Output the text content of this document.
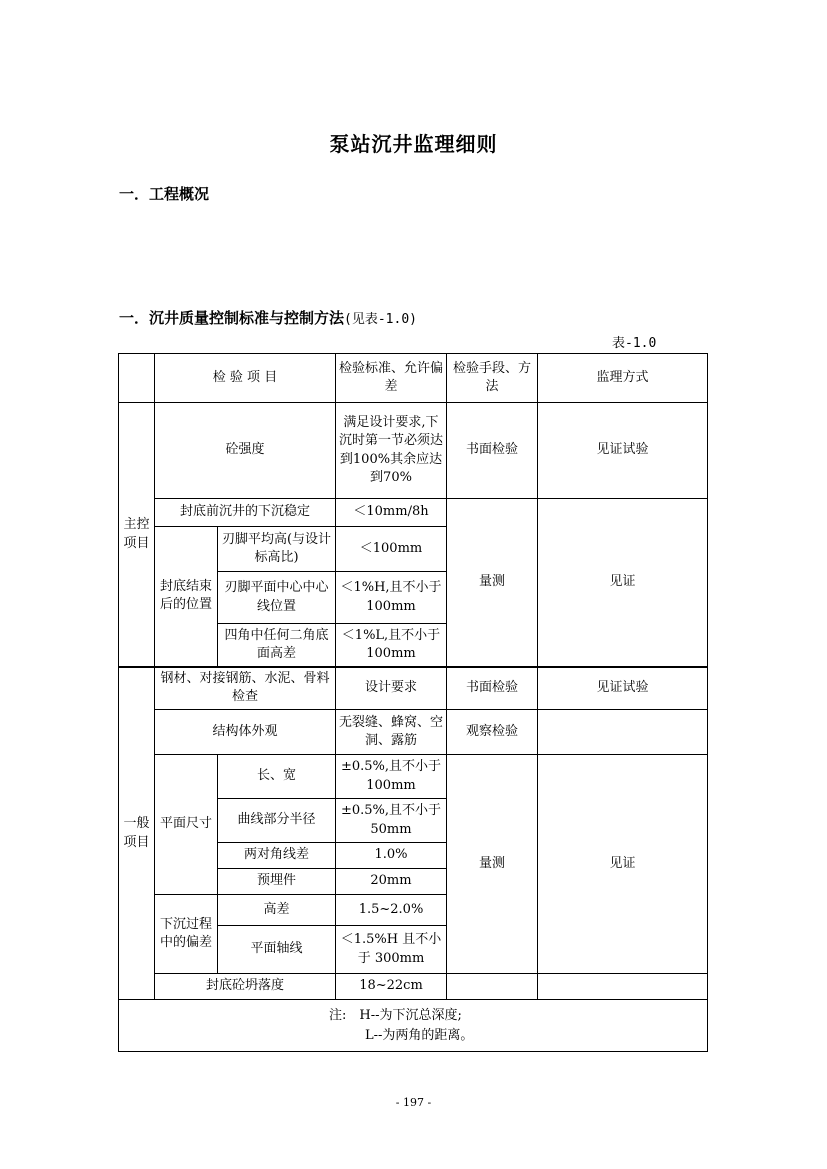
泵站沉井监理细则
一．工程概况
一．沉井质量控制标准与控制方法(见表-1.0)
表-1.0
	检 验 项 目		检验标准、允许偏差	检验手段、方法	监理方式
主控项目	砼强度		满足设计要求,下沉时第一节必须达到100%其余应达到70%	书面检验	见证试验
	封底前沉井的下沉稳定		＜10mm/8h	量测	见证
	封底结束后的位置	刃脚平均高(与设计标高比)	＜100mm		
		刃脚平面中心中心线位置	＜1%H,且不小于 100mm		
		四角中任何二角底面高差	＜1%L,且不小于 100mm		

一般项目	钢材、对接钢筋、水泥、骨料检查		设计要求	书面检验	见证试验
	结构体外观		无裂缝、蜂窝、空洞、露筋	观察检验	
	平面尺寸	长、宽	±0.5%,且不小于 100mm	量测	见证
		曲线部分半径	±0.5%,且不小于 50mm		
		两对角线差	1.0%		
		预埋件	20mm		
	下沉过程中的偏差	高差	1.5~2.0%		
		平面轴线	＜1.5%H 且不小于 300mm		
	封底砼坍落度		18~22cm		

注:　H--为下沉总深度;
L--为两角的距离。					
- 197 -
